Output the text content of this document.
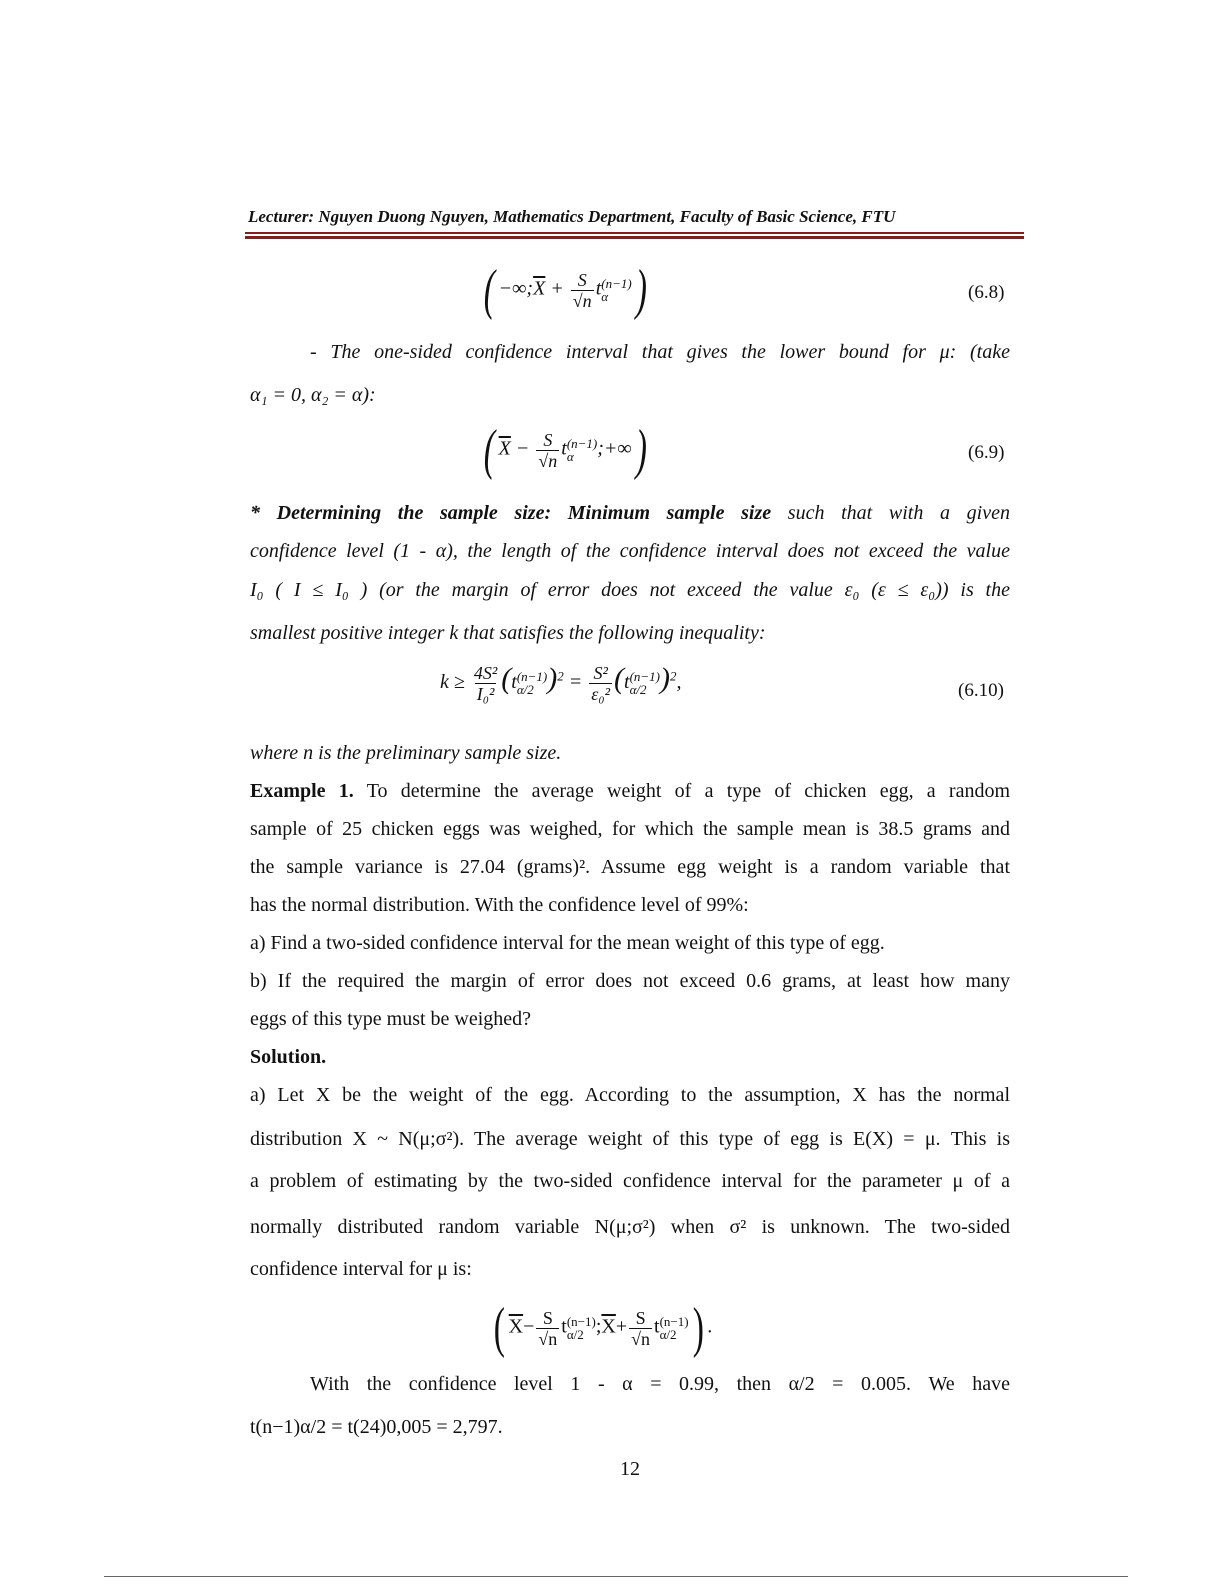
Lecturer: Nguyen Duong Nguyen, Mathematics Department, Faculty of Basic Science, FTU
( $-\infty;\overline{X} + \frac{S}{√n}$ t (n−1)
α )	(6.8)
- The one-sided confidence interval that gives the lower bound for μ: (take
α₁ = 0, α₂ = α):
( $\overline{X} - \frac{S}{√n}$ t (n−1)
α	;+∞)	(6.9)
* Determining the sample size: Minimum sample size such that with a given
confidence level (1 - α), the length of the confidence interval does not exceed the value
I₀ ( I ≤ I₀ ) (or the margin of error does not exceed the value ε₀ (ε ≤ ε₀)) is the
smallest positive integer k that satisfies the following inequality:
$k \ge \frac{\text{4S²}}{\text{I₀²}} (t$ (n−1)
α/2 )$^2 = \frac{\text{S²}}{\text{ε₀²}} (t$ (n−1)
α/2 )$^2$,	(6.10)
where n is the preliminary sample size.
Example 1. To determine the average weight of a type of chicken egg, a random
sample of 25 chicken eggs was weighed, for which the sample mean is 38.5 grams and
the sample variance is 27.04 (grams)². Assume egg weight is a random variable that
has the normal distribution. With the confidence level of 99%:
a) Find a two-sided confidence interval for the mean weight of this type of egg.
b) If the required the margin of error does not exceed 0.6 grams, at least how many
eggs of this type must be weighed?
Solution.
a) Let X be the weight of the egg. According to the assumption, X has the normal
distribution X ~ N(μ;σ²). The average weight of this type of egg is E(X) = μ. This is
a problem of estimating by the two-sided confidence interval for the parameter μ of a
normally distributed random variable N(μ;σ²) when σ² is unknown. The two-sided
confidence interval for μ is:
( $\overline{X}- \frac{S}{√n}$ t (n−1)
α/2 $;\overline{X}+ \frac{S}{√n}$ t (n−1)
α/2 ) .
With the confidence level 1 - α = 0.99, then α/2 = 0.005. We have
t(n−1)α/2 = t(24)0,005 = 2,797.
12
